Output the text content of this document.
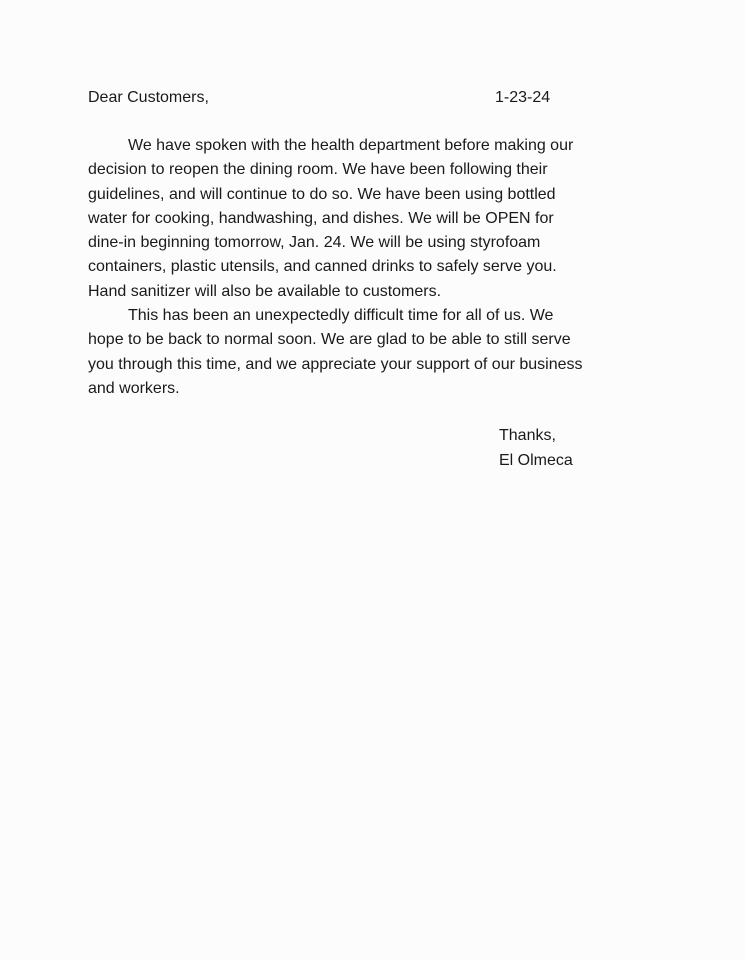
Dear Customers,	1-23-24
We have spoken with the health department before making our
decision to reopen the dining room. We have been following their
guidelines, and will continue to do so. We have been using bottled
water for cooking, handwashing, and dishes. We will be OPEN for
dine-in beginning tomorrow, Jan. 24. We will be using styrofoam
containers, plastic utensils, and canned drinks to safely serve you.
Hand sanitizer will also be available to customers.
This has been an unexpectedly difficult time for all of us. We
hope to be back to normal soon. We are glad to be able to still serve
you through this time, and we appreciate your support of our business
and workers.
Thanks,
El Olmeca
